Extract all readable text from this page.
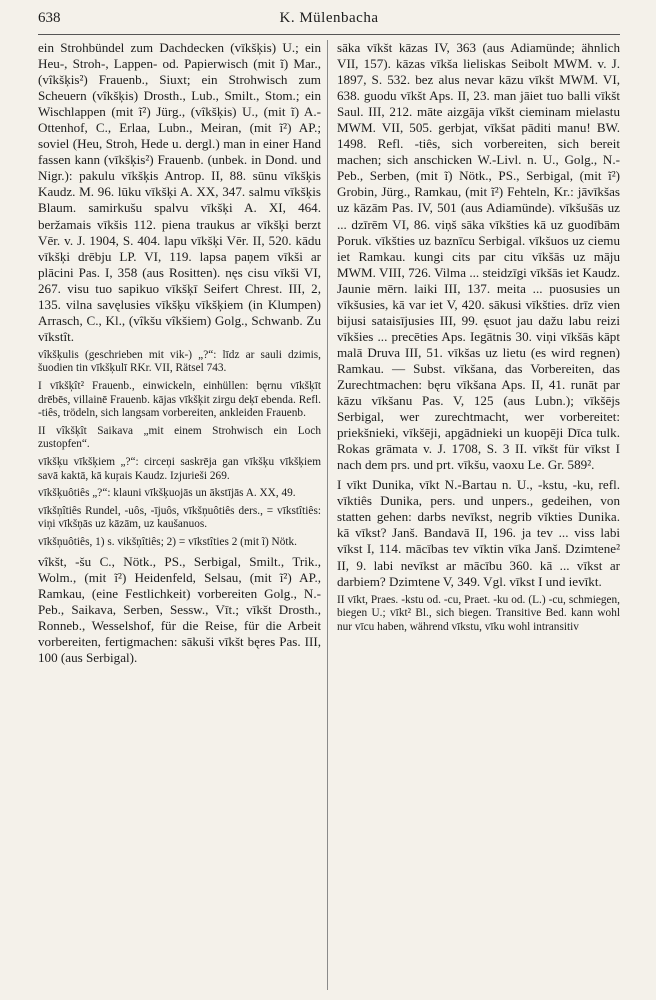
638	K. Mülenbacha

ein Strohbündel zum Dachdecken (vīkšķis) U.; ein Heu-, Stroh-, Lappen- od. Papierwisch (mit ĩ) Mar., (vîkšķis²) Frauenb., Siuxt; ein Strohwisch zum Scheuern (vîkšķis) Drosth., Lub., Smilt., Stom.; ein Wischlappen (mit ĩ²) Jürg., (vîkšķis) U., (mit ĩ) A.-Ottenhof, C., Erlaa, Lubn., Meiran, (mit ĩ²) AP.; soviel (Heu, Stroh, Hede u. dergl.) man in einer Hand fassen kann (vīkšķis²) Frauenb. (unbek. in Dond. und Nigr.): pakulu vīkšķis Antrop. II, 88. sūnu vīkšķis Kaudz. M. 96. lūku vīkšķi A. XX, 347. salmu vīkšķis Blaum. samirkušu spalvu vīkšķi A. XI, 464. beržamais vīkšis 112. piena traukus ar vīkšķi berzt Vēr. v. J. 1904, S. 404. lapu vīkšķi Vēr. II, 520. kādu vīkšķi drēbju LP. VI, 119. lapsa paņem vīkši ar plācini Pas. I, 358 (aus Rositten). nęs cisu vīkši VI, 267. visu tuo sapikuo vīkšķī Seifert Chrest. III, 2, 135. vilna savęlusies vīkšķu vīkšķiem (in Klumpen) Arrasch, C., Kl., (vîkšu vîkšiem) Golg., Schwanb. Zu vīkstît.

vîkšķulis (geschrieben mit vik-) „?“: līdz ar sauli dzimis, šuodien tin vīkšķulī RKr. VII, Rätsel 743.

I vīkšķît² Frauenb., einwickeln, einhüllen: bęrnu vīkšķīt drēbēs, villainē Frauenb. kājas vīkšķit zirgu deķī ebenda. Refl. -tiês, trödeln, sich langsam vorbereiten, ankleiden Frauenb.

II vîkšķît Saikava „mit einem Strohwisch ein Loch zustopfen“.

vīkšķu vīkšķiem „?“: circeņi saskrēja gan vīkšķu vīkšķiem savā kaktā, kā kuŗais Kaudz. Izjurieši 269.

vīkšķuôtiês „?“: klauni vīkšķuojās un ākstījās A. XX, 49.

vīkšņîtiês Rundel, -uôs, -ījuôs, vīkšņuôtiês ders., = vīkstîtiês: viņi vīkšņās uz kāzām, uz kaušanuos.

vīkšņuôtiês, 1) s. vikšņîtiês; 2) = vīkstîties 2 (mit ĩ) Nötk.

vîkšt, -šu C., Nötk., PS., Serbigal, Smilt., Trik., Wolm., (mit ĩ²) Heidenfeld, Selsau, (mit ĩ²) AP., Ramkau, (eine Festlichkeit) vorbereiten Golg., N.-Peb., Saikava, Serben, Sessw., Vīt.; vīkšt Drosth., Ronneb., Wesselshof, für die Reise, für die Arbeit vorbereiten, fertigmachen: sākuši vīkšt bęres Pas. III, 100 (aus Serbigal).

sāka vīkšt kāzas IV, 363 (aus Adiamünde; ähnlich VII, 157). kāzas vīkša lieliskas Seibolt MWM. v. J. 1897, S. 532. bez alus nevar kāzu vīkšt MWM. VI, 638. guodu vīkšt Aps. II, 23. man jāiet tuo balli vīkšt Saul. III, 212. māte aizgāja vīkšt cieminam mielastu MWM. VII, 505. gerbjat, vīkšat pāditi manu! BW. 1498. Refl. -tiês, sich vorbereiten, sich bereit machen; sich anschicken W.-Livl. n. U., Golg., N.-Peb., Serben, (mit ĩ) Nötk., PS., Serbigal, (mit ĩ²) Grobin, Jürg., Ramkau, (mit ĩ²) Fehteln, Kr.: jāvīkšas uz kāzām Pas. IV, 501 (aus Adiamünde). vīkšušās uz ... dzīrēm VI, 86. viņš sāka vīkšties kā uz guodībām Poruk. vīkšties uz baznīcu Serbigal. vīkšuos uz ciemu iet Ramkau. kungi cits par citu vīkšās uz māju MWM. VIII, 726. Vilma ... steidzīgi vīkšās iet Kaudz. Jaunie mērn. laiki III, 137. meita ... puosusies un vīkšusies, kā var iet V, 420. sākusi vīkšties. drīz vien bijusi sataisījusies III, 99. ęsuot jau dažu labu reizi vīkšies ... precēties Aps. Iegātnis 30. viņi vīkšās kāpt malā Druva III, 51. vīkšas uz lietu (es wird regnen) Ramkau. — Subst. vīkšana, das Vorbereiten, das Zurechtmachen: bęru vīkšana Aps. II, 41. runāt par kāzu vīkšanu Pas. V, 125 (aus Lubn.); vīkšējs Serbigal, wer zurechtmacht, wer vorbereitet: priekšnieki, vīkšēji, apgādnieki un kuopēji Dīca tulk. Rokas grāmata v. J. 1708, S. 3 II. vīkšt für vīkst I nach dem prs. und prt. vīkšu, vaoxu Le. Gr. 589².

I vīkt Dunika, vīkt N.-Bartau n. U., -kstu, -ku, refl. vīktiês Dunika, pers. und unpers., gedeihen, von statten gehen: darbs nevīkst, negrib vīkties Dunika. kā vīkst? Janš. Bandavā II, 196. ja tev ... viss labi vīkst I, 114. mācības tev vīktin vīka Janš. Dzimtene² II, 9. labi nevīkst ar mācību 360. kā ... vīkst ar darbiem? Dzimtene V, 349. Vgl. vīkst I und ievīkt.

II vīkt, Praes. -kstu od. -cu, Praet. -ku od. (L.) -cu, schmiegen, biegen U.; vīkt² Bl., sich biegen. Transitive Bed. kann wohl nur vīcu haben, während vīkstu, vīku wohl intransitiv
